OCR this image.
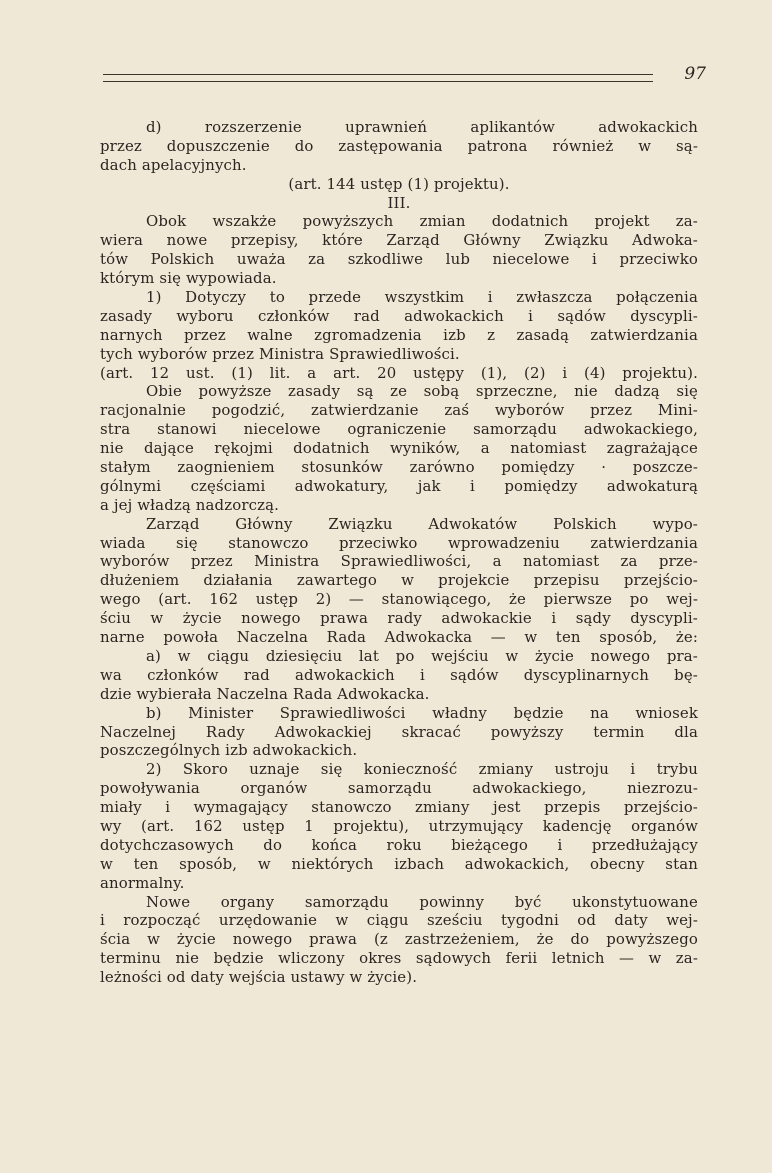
97
d) rozszerzenie uprawnień aplikantów adwokackich
przez dopuszczenie do zastępowania patrona również w są-
dach apelacyjnych.
(art. 144 ustęp (1) projektu).
III.
Obok wszakże powyższych zmian dodatnich projekt za-
wiera nowe przepisy, które Zarząd Główny Związku Adwoka-
tów Polskich uważa za szkodliwe lub niecelowe i przeciwko
którym się wypowiada.
1) Dotyczy to przede wszystkim i zwłaszcza połączenia
zasady wyboru członków rad adwokackich i sądów dyscypli-
narnych przez walne zgromadzenia izb z zasadą zatwierdzania
tych wyborów przez Ministra Sprawiedliwości.
(art. 12 ust. (1) lit. a art. 20 ustępy (1), (2) i (4) projektu).
Obie powyższe zasady są ze sobą sprzeczne, nie dadzą się
racjonalnie pogodzić, zatwierdzanie zaś wyborów przez Mini-
stra stanowi niecelowe ograniczenie samorządu adwokackiego,
nie dające rękojmi dodatnich wyników, a natomiast zagrażające
stałym zaognieniem stosunków zarówno pomiędzy · poszcze-
gólnymi częściami adwokatury, jak i pomiędzy adwokaturą
a jej władzą nadzorczą.
Zarząd Główny Związku Adwokatów Polskich wypo-
wiada się stanowczo przeciwko wprowadzeniu zatwierdzania
wyborów przez Ministra Sprawiedliwości, a natomiast za prze-
dłużeniem działania zawartego w projekcie przepisu przejścio-
wego (art. 162 ustęp 2) — stanowiącego, że pierwsze po wej-
ściu w życie nowego prawa rady adwokackie i sądy dyscypli-
narne powoła Naczelna Rada Adwokacka — w ten sposób, że:
a) w ciągu dziesięciu lat po wejściu w życie nowego pra-
wa członków rad adwokackich i sądów dyscyplinarnych bę-
dzie wybierała Naczelna Rada Adwokacka.
b) Minister Sprawiedliwości władny będzie na wniosek
Naczelnej Rady Adwokackiej skracać powyższy termin dla
poszczególnych izb adwokackich.
2) Skoro uznaje się konieczność zmiany ustroju i trybu
powoływania organów samorządu adwokackiego, niezrozu-
miały i wymagający stanowczo zmiany jest przepis przejścio-
wy (art. 162 ustęp 1 projektu), utrzymujący kadencję organów
dotychczasowych do końca roku bieżącego i przedłużający
w ten sposób, w niektórych izbach adwokackich, obecny stan
anormalny.
Nowe organy samorządu powinny być ukonstytuowane
i rozpocząć urzędowanie w ciągu sześciu tygodni od daty wej-
ścia w życie nowego prawa (z zastrzeżeniem, że do powyższego
terminu nie będzie wliczony okres sądowych ferii letnich — w za-
leżności od daty wejścia ustawy w życie).
